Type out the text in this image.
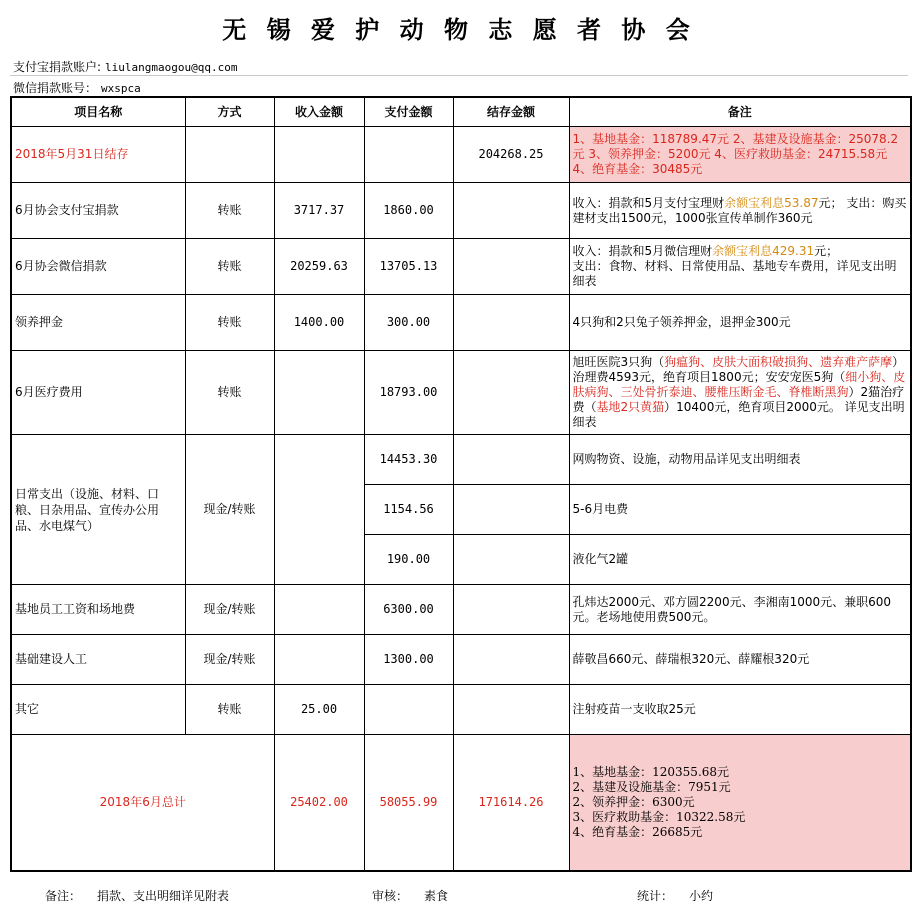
无 锡 爱 护 动 物 志 愿 者 协 会
支付宝捐款账户: liulangmaogou@qq.com
微信捐款账号： wxspca
项目名称	方式	收入金额	支付金额	结存金额	备注
2018年5月31日结存				204268.25	1、基地基金：118789.47元 2、基建及设施基金：25078.2元 3、领养押金：5200元 4、医疗救助基金：24715.58元 4、绝育基金：30485元
6月协会支付宝捐款	转账	3717.37	1860.00		收入：捐款和5月支付宝理财余额宝利息53.87元； 支出：购买建材支出1500元，1000张宣传单制作360元
6月协会微信捐款	转账	20259.63	13705.13		收入：捐款和5月微信理财余额宝利息429.31元；
支出：食物、材料、日常使用品、基地专车费用，详见支出明细表
领养押金	转账	1400.00	300.00		4只狗和2只兔子领养押金，退押金300元
6月医疗费用	转账		18793.00		旭旺医院3只狗（狗瘟狗、皮肤大面积破损狗、遗弃难产萨摩）治理费4593元，绝育项目1800元；安安宠医5狗（细小狗、皮肤病狗、三处骨折泰迪、腰椎压断金毛、脊椎断黑狗）2猫治疗费（基地2只黄猫）10400元，绝育项目2000元。 详见支出明细表
日常支出（设施、材料、口粮、日杂用品、宣传办公用品、水电煤气）	现金/转账		14453.30		网购物资、设施，动物用品详见支出明细表
			1154.56		5-6月电费
			190.00		液化气2罐
基地员工工资和场地费	现金/转账		6300.00		孔炜达2000元、邓方圆2200元、李湘南1000元、兼职600元。老场地使用费500元。
基础建设人工	现金/转账		1300.00		薛敬昌660元、薛瑞根320元、薛耀根320元
其它	转账	25.00			注射疫苗一支收取25元
2018年6月总计		25402.00	58055.99	171614.26	1、基地基金：120355.68元
2、基建及设施基金：7951元
2、领养押金：6300元
3、医疗救助基金：10322.58元
4、绝育基金：26685元
备注： 捐款、支出明细详见附表	审核： 素食	统计： 小约
